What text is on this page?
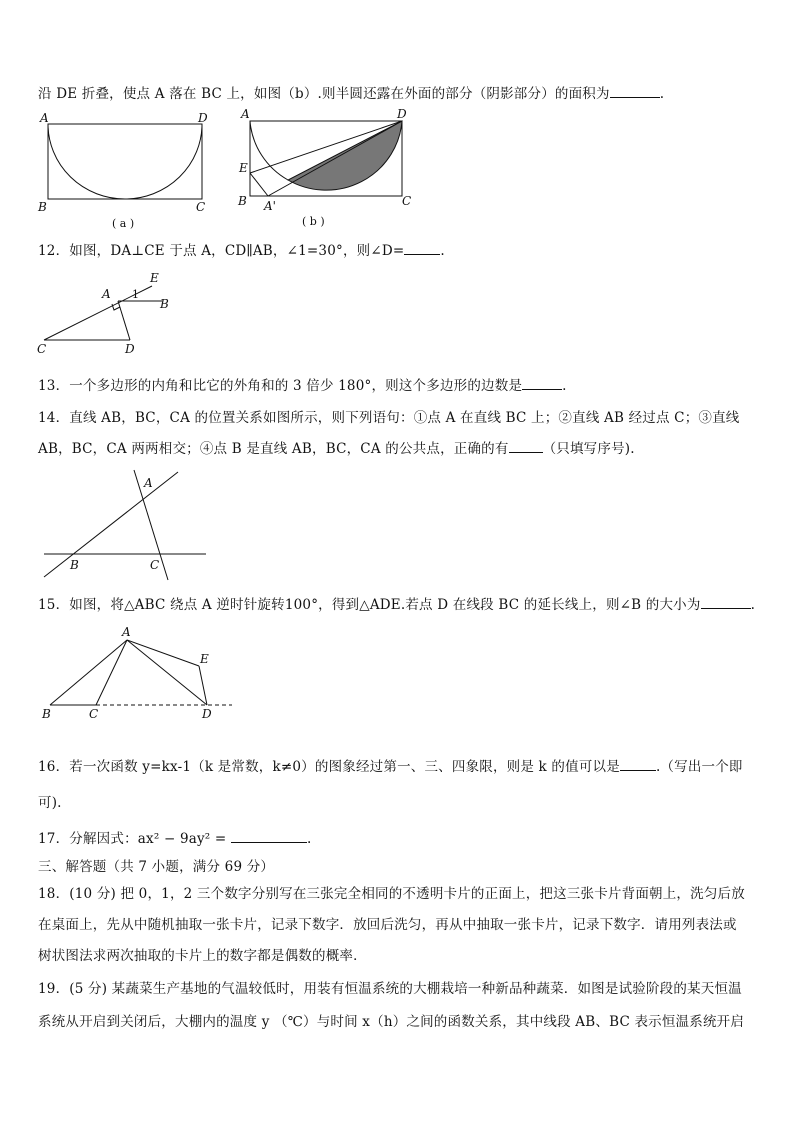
沿 DE 折叠，使点 A 落在 BC 上，如图（b）.则半圆还露在外面的部分（阴影部分）的面积为	.
A	D
B	C
( a )
A	D
E
B A'	C
( b )
12．如图，DA⊥CE 于点 A，CD∥AB，∠1=30°，则∠D=	.
E
A 1
B
C	D
13．一个多边形的内角和比它的外角和的 3 倍少 180°，则这个多边形的边数是	.
14．直线 AB，BC，CA 的位置关系如图所示，则下列语句：①点 A 在直线 BC 上；②直线 AB 经过点 C；③直线
AB，BC，CA 两两相交；④点 B 是直线 AB，BC，CA 的公共点，正确的有	（只填写序号).
A
B	C
15．如图，将△ABC 绕点 A 逆时针旋转100°，得到△ADE.若点 D 在线段 BC 的延长线上，则∠B 的大小为	.
A
E
B	C	D
16．若一次函数 y=kx-1（k 是常数，k≠0）的图象经过第一、三、四象限，则是 k 的值可以是	.（写出一个即
可).
17．分解因式：ax² − 9ay² =	.
三、解答题（共 7 小题，满分 69 分）
18．(10 分) 把 0，1，2 三个数字分别写在三张完全相同的不透明卡片的正面上，把这三张卡片背面朝上，洗匀后放
在桌面上，先从中随机抽取一张卡片，记录下数字．放回后洗匀，再从中抽取一张卡片，记录下数字．请用列表法或
树状图法求两次抽取的卡片上的数字都是偶数的概率．
19．(5 分) 某蔬菜生产基地的气温较低时，用装有恒温系统的大棚栽培一种新品种蔬菜．如图是试验阶段的某天恒温
系统从开启到关闭后，大棚内的温度 y （℃）与时间 x（h）之间的函数关系，其中线段 AB、BC 表示恒温系统开启
